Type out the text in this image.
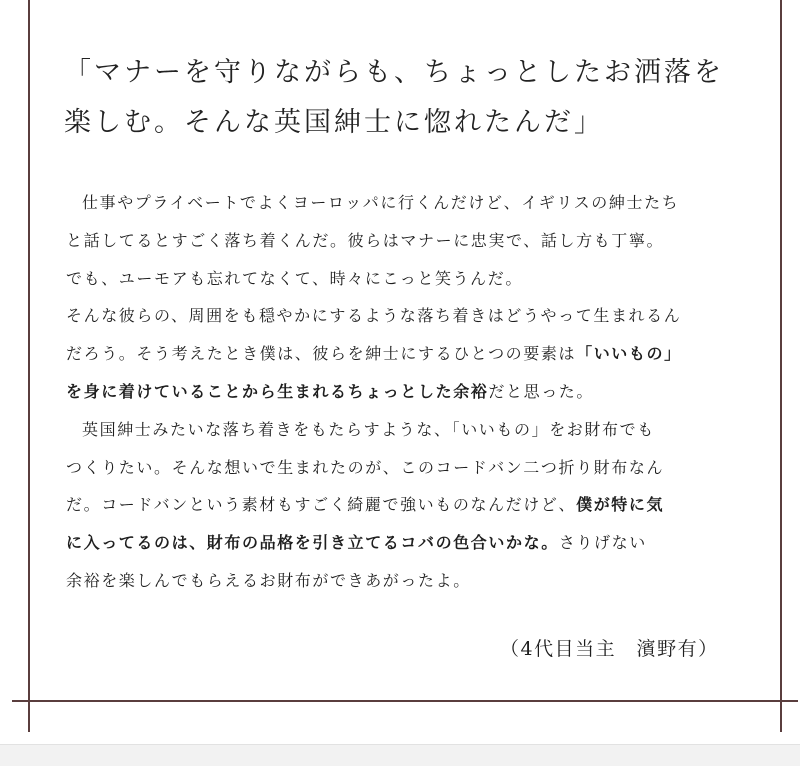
「マナーを守りながらも、ちょっとしたお洒落を
楽しむ。そんな英国紳士に惚れたんだ」
仕事やプライベートでよくヨーロッパに行くんだけど、イギリスの紳士たち
と話してるとすごく落ち着くんだ。彼らはマナーに忠実で、話し方も丁寧。
でも、ユーモアも忘れてなくて、時々にこっと笑うんだ。
そんな彼らの、周囲をも穏やかにするような落ち着きはどうやって生まれるん
だろう。そう考えたとき僕は、彼らを紳士にするひとつの要素は「いいもの」
を身に着けていることから生まれるちょっとした余裕だと思った。
英国紳士みたいな落ち着きをもたらすような、「いいもの」をお財布でも
つくりたい。そんな想いで生まれたのが、このコードバン二つ折り財布なん
だ。コードバンという素材もすごく綺麗で強いものなんだけど、僕が特に気
に入ってるのは、財布の品格を引き立てるコバの色合いかな。さりげない
余裕を楽しんでもらえるお財布ができあがったよ。
（4代目当主　濱野有）
